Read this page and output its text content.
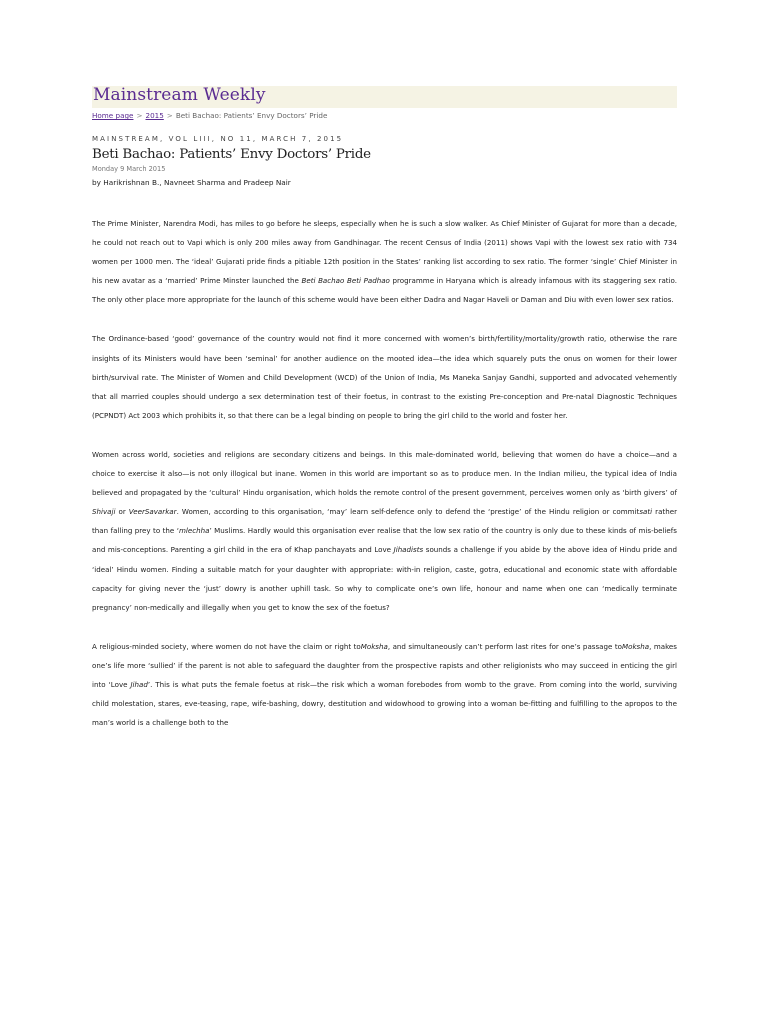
Mainstream Weekly
Home page > 2015 > Beti Bachao: Patients’ Envy Doctors’ Pride
MAINSTREAM, VOL LIII, NO 11, MARCH 7, 2015
Beti Bachao: Patients’ Envy Doctors’ Pride
Monday 9 March 2015
by Harikrishnan B., Navneet Sharma and Pradeep Nair

The Prime Minister, Narendra Modi, has miles to go before he sleeps, especially when he is such a slow walker. As Chief Minister of Gujarat for more than a decade, he could not reach out to Vapi which is only 200 miles away from Gandhinagar. The recent Census of India (2011) shows Vapi with the lowest sex ratio with 734 women per 1000 men. The ‘ideal’ Gujarati pride finds a pitiable 12th position in the States’ ranking list according to sex ratio. The former ‘single’ Chief Minister in his new avatar as a ‘married’ Prime Minster launched the Beti Bachao Beti Padhao programme in Haryana which is already infamous with its staggering sex ratio. The only other place more appropriate for the launch of this scheme would have been either Dadra and Nagar Haveli or Daman and Diu with even lower sex ratios.

The Ordinance-based ‘good’ governance of the country would not find it more concerned with women’s birth/fertility/mortality/growth ratio, otherwise the rare insights of its Ministers would have been ‘seminal’ for another audience on the mooted idea—the idea which squarely puts the onus on women for their lower birth/survival rate. The Minister of Women and Child Development (WCD) of the Union of India, Ms Maneka Sanjay Gandhi, supported and advocated vehemently that all married couples should undergo a sex determination test of their foetus, in contrast to the existing Pre-conception and Pre-natal Diagnostic Techniques (PCPNDT) Act 2003 which prohibits it, so that there can be a legal binding on people to bring the girl child to the world and foster her.

Women across world, societies and religions are secondary citizens and beings. In this male-dominated world, believing that women do have a choice—and a choice to exercise it also—is not only illogical but inane. Women in this world are important so as to produce men. In the Indian milieu, the typical idea of India believed and propagated by the ‘cultural’ Hindu organisation, which holds the remote control of the present government, perceives women only as ‘birth givers’ of Shivaji or VeerSavarkar. Women, according to this organisation, ‘may’ learn self-defence only to defend the ‘prestige’ of the Hindu religion or commitsati rather than falling prey to the ‘mlechha’ Muslims. Hardly would this organisation ever realise that the low sex ratio of the country is only due to these kinds of mis-beliefs and mis-conceptions. Parenting a girl child in the era of Khap panchayats and Love Jihadists sounds a challenge if you abide by the above idea of Hindu pride and ‘ideal’ Hindu women. Finding a suitable match for your daughter with appropriate: with-in religion, caste, gotra, educational and economic state with affordable capacity for giving never the ‘just’ dowry is another uphill task. So why to complicate one’s own life, honour and name when one can ‘medically terminate pregnancy’ non-medically and illegally when you get to know the sex of the foetus?

A religious-minded society, where women do not have the claim or right toMoksha, and simultaneously can’t perform last rites for one’s passage toMoksha, makes one’s life more ‘sullied’ if the parent is not able to safeguard the daughter from the prospective rapists and other religionists who may succeed in enticing the girl into ‘Love Jihad’. This is what puts the female foetus at risk—the risk which a woman forebodes from womb to the grave. From coming into the world, surviving child molestation, stares, eve-teasing, rape, wife-bashing, dowry, destitution and widowhood to growing into a woman be-fitting and fulfilling to the apropos to the man’s world is a challenge both to the
